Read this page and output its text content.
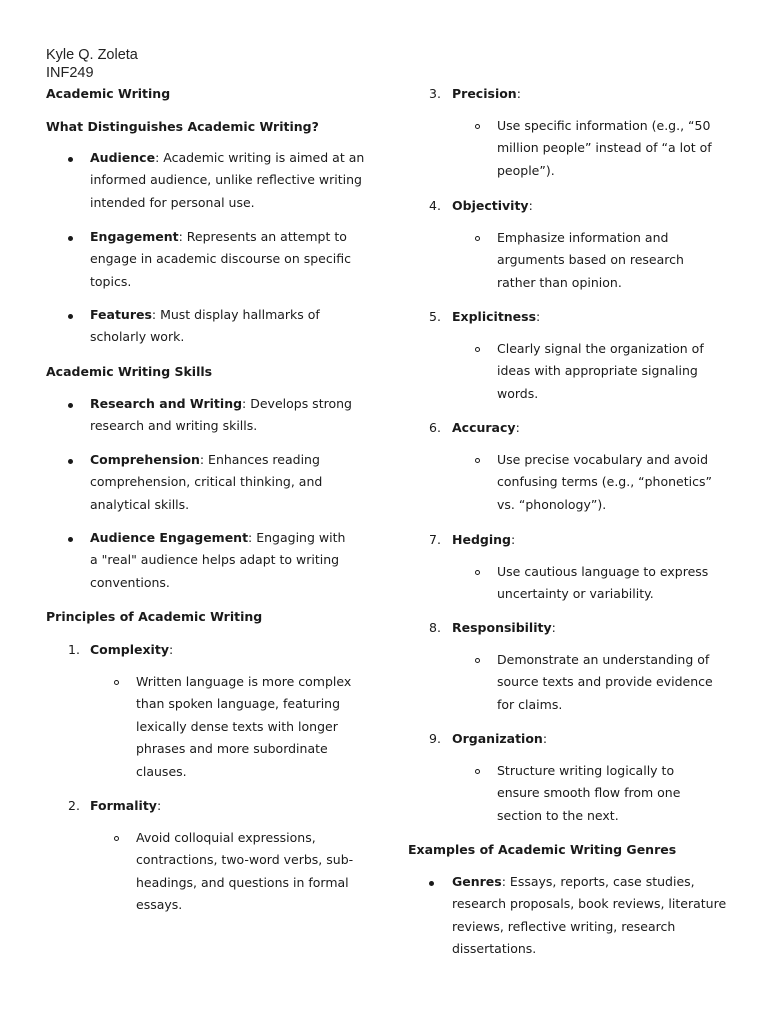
Kyle Q. Zoleta
INF249
Academic Writing
What Distinguishes Academic Writing?
Audience: Academic writing is aimed at an informed audience, unlike reflective writing intended for personal use.
Engagement: Represents an attempt to engage in academic discourse on specific topics.
Features: Must display hallmarks of scholarly work.
Academic Writing Skills
Research and Writing: Develops strong research and writing skills.
Comprehension: Enhances reading comprehension, critical thinking, and analytical skills.
Audience Engagement: Engaging with a "real" audience helps adapt to writing conventions.
Principles of Academic Writing
1. Complexity:
Written language is more complex than spoken language, featuring lexically dense texts with longer phrases and more subordinate clauses.
2. Formality:
Avoid colloquial expressions, contractions, two-word verbs, sub-headings, and questions in formal essays.
3. Precision:
Use specific information (e.g., “50 million people” instead of “a lot of people”).
4. Objectivity:
Emphasize information and arguments based on research rather than opinion.
5. Explicitness:
Clearly signal the organization of ideas with appropriate signaling words.
6. Accuracy:
Use precise vocabulary and avoid confusing terms (e.g., “phonetics” vs. “phonology”).
7. Hedging:
Use cautious language to express uncertainty or variability.
8. Responsibility:
Demonstrate an understanding of source texts and provide evidence for claims.
9. Organization:
Structure writing logically to ensure smooth flow from one section to the next.
Examples of Academic Writing Genres
Genres: Essays, reports, case studies, research proposals, book reviews, literature reviews, reflective writing, research dissertations.
